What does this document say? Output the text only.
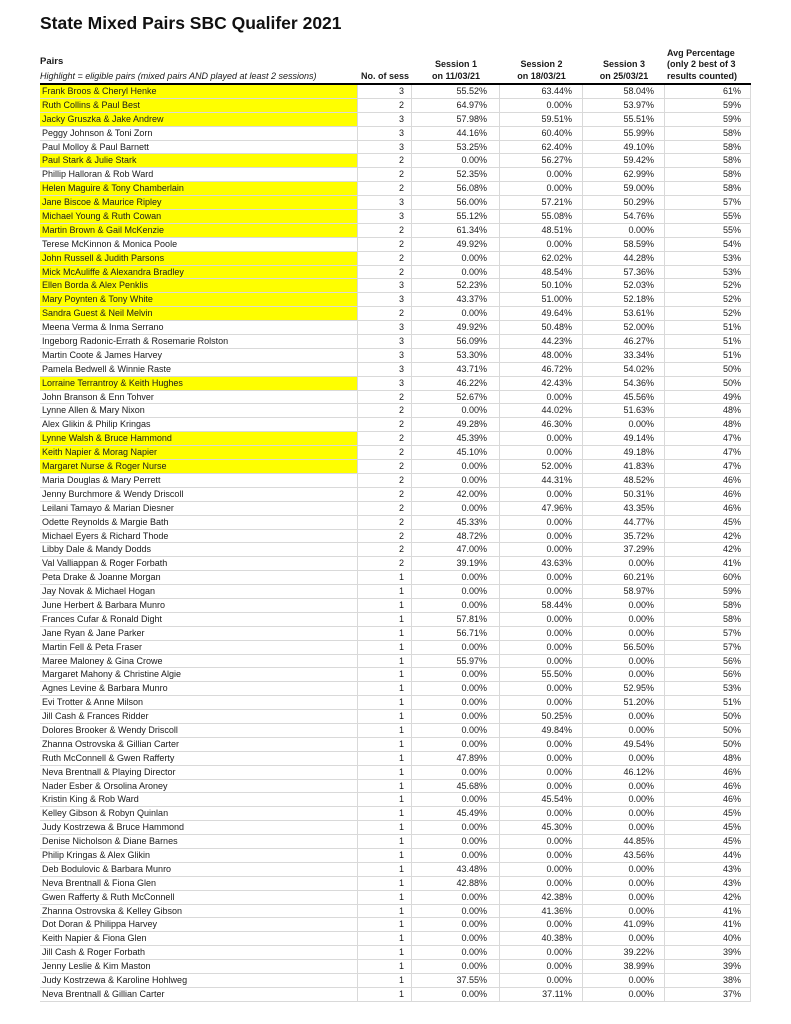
State Mixed Pairs SBC Qualifer 2021
Pairs
Highlight = eligible pairs (mixed pairs AND played at least 2 sessions)	No. of sess
Session 1
on 11/03/21
Session 2
on 18/03/21
Session 3
on 25/03/21
Avg Percentage
(only 2 best of 3
results counted)
Frank Broos & Cheryl Henke	3	55.52%	63.44%	58.04%	61%
Ruth Collins & Paul Best	2	64.97%	0.00%	53.97%	59%
Jacky Gruszka & Jake Andrew	3	57.98%	59.51%	55.51%	59%
Peggy Johnson & Toni Zorn	3	44.16%	60.40%	55.99%	58%
Paul Molloy & Paul Barnett	3	53.25%	62.40%	49.10%	58%
Paul Stark & Julie Stark	2	0.00%	56.27%	59.42%	58%
Phillip Halloran & Rob Ward	2	52.35%	0.00%	62.99%	58%
Helen Maguire & Tony Chamberlain	2	56.08%	0.00%	59.00%	58%
Jane Biscoe & Maurice Ripley	3	56.00%	57.21%	50.29%	57%
Michael Young & Ruth Cowan	3	55.12%	55.08%	54.76%	55%
Martin Brown & Gail McKenzie	2	61.34%	48.51%	0.00%	55%
Terese McKinnon & Monica Poole	2	49.92%	0.00%	58.59%	54%
John Russell & Judith Parsons	2	0.00%	62.02%	44.28%	53%
Mick McAuliffe & Alexandra Bradley	2	0.00%	48.54%	57.36%	53%
Ellen Borda & Alex Penklis	3	52.23%	50.10%	52.03%	52%
Mary Poynten & Tony White	3	43.37%	51.00%	52.18%	52%
Sandra Guest & Neil Melvin	2	0.00%	49.64%	53.61%	52%
Meena Verma & Inma Serrano	3	49.92%	50.48%	52.00%	51%
Ingeborg Radonic-Errath & Rosemarie Rolston	3	56.09%	44.23%	46.27%	51%
Martin Coote & James Harvey	3	53.30%	48.00%	33.34%	51%
Pamela Bedwell & Winnie Raste	3	43.71%	46.72%	54.02%	50%
Lorraine Terrantroy & Keith Hughes	3	46.22%	42.43%	54.36%	50%
John Branson & Enn Tohver	2	52.67%	0.00%	45.56%	49%
Lynne Allen & Mary Nixon	2	0.00%	44.02%	51.63%	48%
Alex Glikin & Philip Kringas	2	49.28%	46.30%	0.00%	48%
Lynne Walsh & Bruce Hammond	2	45.39%	0.00%	49.14%	47%
Keith Napier & Morag Napier	2	45.10%	0.00%	49.18%	47%
Margaret Nurse & Roger Nurse	2	0.00%	52.00%	41.83%	47%
Maria Douglas & Mary Perrett	2	0.00%	44.31%	48.52%	46%
Jenny Burchmore & Wendy Driscoll	2	42.00%	0.00%	50.31%	46%
Leilani Tamayo & Marian Diesner	2	0.00%	47.96%	43.35%	46%
Odette Reynolds & Margie Bath	2	45.33%	0.00%	44.77%	45%
Michael Eyers & Richard Thode	2	48.72%	0.00%	35.72%	42%
Libby Dale & Mandy Dodds	2	47.00%	0.00%	37.29%	42%
Val Valliappan & Roger Forbath	2	39.19%	43.63%	0.00%	41%
Peta Drake & Joanne Morgan	1	0.00%	0.00%	60.21%	60%
Jay Novak & Michael Hogan	1	0.00%	0.00%	58.97%	59%
June Herbert & Barbara Munro	1	0.00%	58.44%	0.00%	58%
Frances Cufar & Ronald Dight	1	57.81%	0.00%	0.00%	58%
Jane Ryan & Jane Parker	1	56.71%	0.00%	0.00%	57%
Martin Fell & Peta Fraser	1	0.00%	0.00%	56.50%	57%
Maree Maloney & Gina Crowe	1	55.97%	0.00%	0.00%	56%
Margaret Mahony & Christine Algie	1	0.00%	55.50%	0.00%	56%
Agnes Levine & Barbara Munro	1	0.00%	0.00%	52.95%	53%
Evi Trotter & Anne Milson	1	0.00%	0.00%	51.20%	51%
Jill Cash & Frances Ridder	1	0.00%	50.25%	0.00%	50%
Dolores Brooker & Wendy Driscoll	1	0.00%	49.84%	0.00%	50%
Zhanna Ostrovska & Gillian Carter	1	0.00%	0.00%	49.54%	50%
Ruth McConnell & Gwen Rafferty	1	47.89%	0.00%	0.00%	48%
Neva Brentnall & Playing Director	1	0.00%	0.00%	46.12%	46%
Nader Esber & Orsolina Aroney	1	45.68%	0.00%	0.00%	46%
Kristin King & Rob Ward	1	0.00%	45.54%	0.00%	46%
Kelley Gibson & Robyn Quinlan	1	45.49%	0.00%	0.00%	45%
Judy Kostrzewa & Bruce Hammond	1	0.00%	45.30%	0.00%	45%
Denise Nicholson & Diane Barnes	1	0.00%	0.00%	44.85%	45%
Philip Kringas & Alex Glikin	1	0.00%	0.00%	43.56%	44%
Deb Bodulovic & Barbara Munro	1	43.48%	0.00%	0.00%	43%
Neva Brentnall & Fiona Glen	1	42.88%	0.00%	0.00%	43%
Gwen Rafferty & Ruth McConnell	1	0.00%	42.38%	0.00%	42%
Zhanna Ostrovska & Kelley Gibson	1	0.00%	41.36%	0.00%	41%
Dot Doran & Philippa Harvey	1	0.00%	0.00%	41.09%	41%
Keith Napier & Fiona Glen	1	0.00%	40.38%	0.00%	40%
Jill Cash & Roger Forbath	1	0.00%	0.00%	39.22%	39%
Jenny Leslie & Kim Maston	1	0.00%	0.00%	38.99%	39%
Judy Kostrzewa & Karoline Hohlweg	1	37.55%	0.00%	0.00%	38%
Neva Brentnall & Gillian Carter	1	0.00%	37.11%	0.00%	37%
